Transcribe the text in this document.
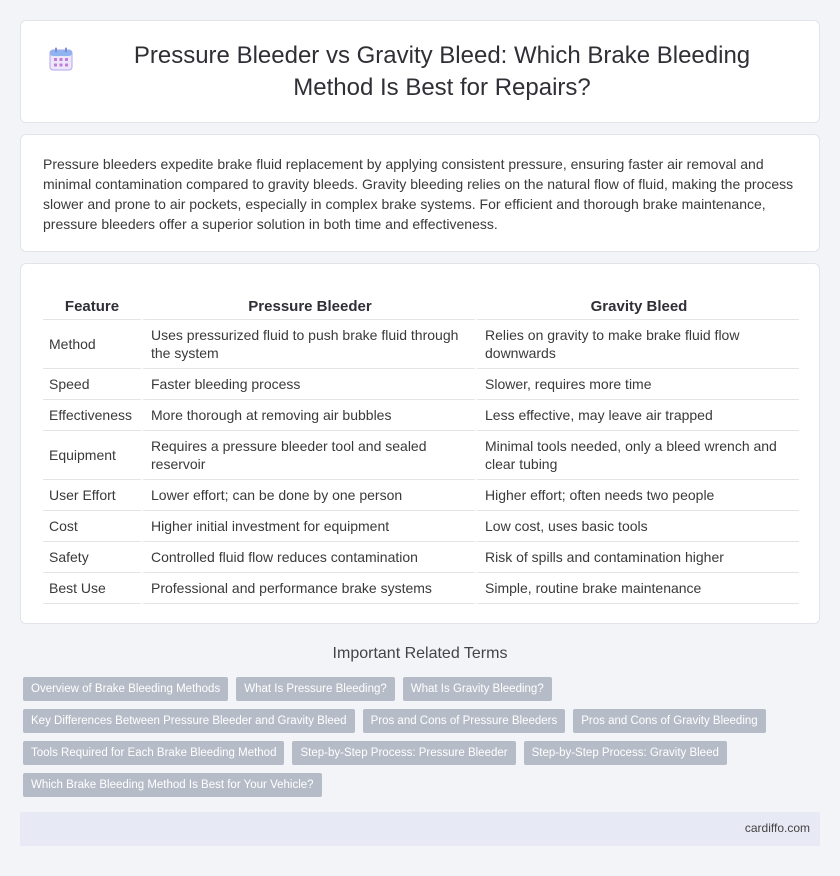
Pressure Bleeder vs Gravity Bleed: Which Brake Bleeding Method Is Best for Repairs?

Pressure bleeders expedite brake fluid replacement by applying consistent pressure, ensuring faster air removal and minimal contamination compared to gravity bleeds. Gravity bleeding relies on the natural flow of fluid, making the process slower and prone to air pockets, especially in complex brake systems. For efficient and thorough brake maintenance, pressure bleeders offer a superior solution in both time and effectiveness.

Feature	Pressure Bleeder	Gravity Bleed
Method	Uses pressurized fluid to push brake fluid through the system	Relies on gravity to make brake fluid flow downwards
Speed	Faster bleeding process	Slower, requires more time
Effectiveness	More thorough at removing air bubbles	Less effective, may leave air trapped
Equipment	Requires a pressure bleeder tool and sealed reservoir	Minimal tools needed, only a bleed wrench and clear tubing
User Effort	Lower effort; can be done by one person	Higher effort; often needs two people
Cost	Higher initial investment for equipment	Low cost, uses basic tools
Safety	Controlled fluid flow reduces contamination	Risk of spills and contamination higher
Best Use	Professional and performance brake systems	Simple, routine brake maintenance
Important Related Terms
Overview of Brake Bleeding Methods	What Is Pressure Bleeding?	What Is Gravity Bleeding?
Key Differences Between Pressure Bleeder and Gravity Bleed	Pros and Cons of Pressure Bleeders	Pros and Cons of Gravity Bleeding
Tools Required for Each Brake Bleeding Method	Step-by-Step Process: Pressure Bleeder	Step-by-Step Process: Gravity Bleed
Which Brake Bleeding Method Is Best for Your Vehicle?
cardiffo.com
